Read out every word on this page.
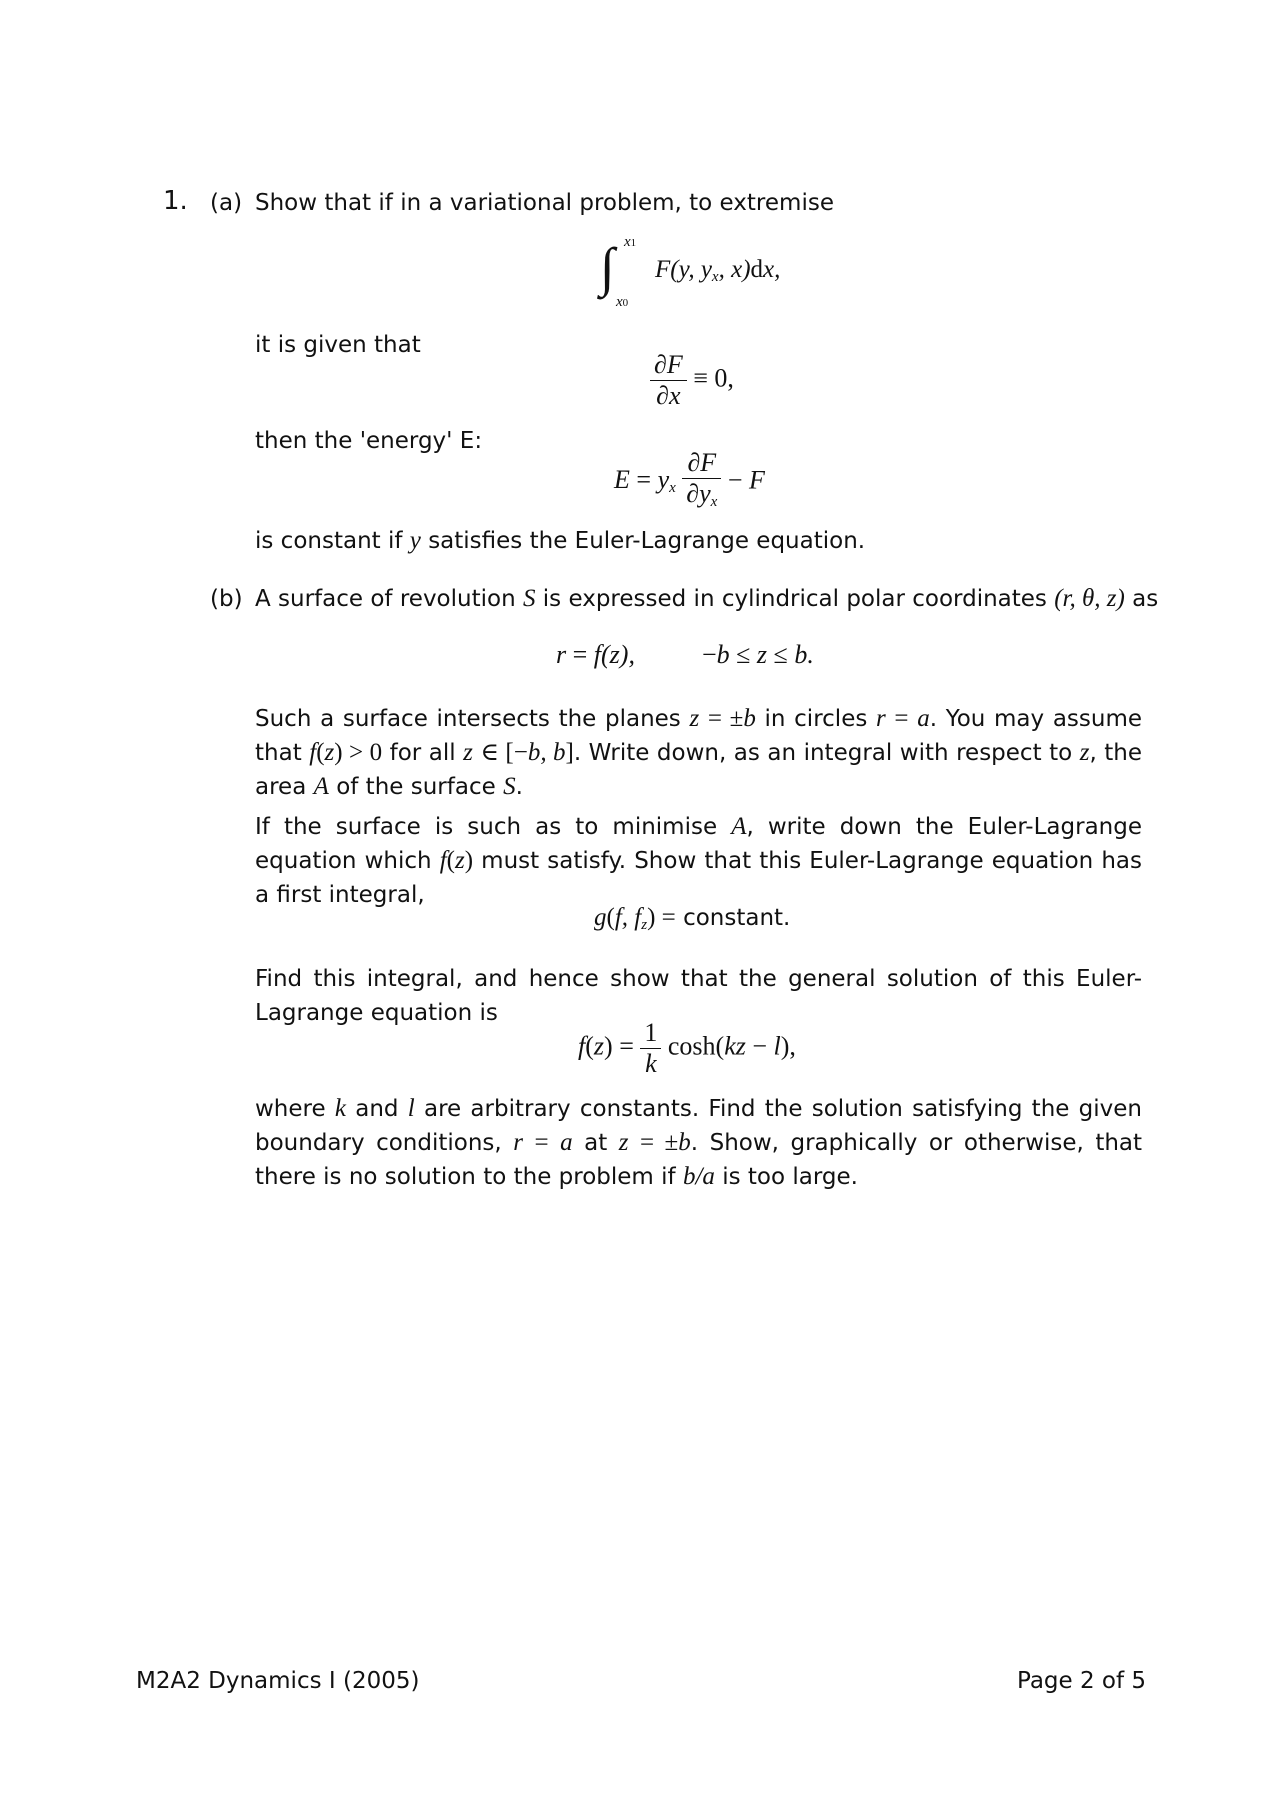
1. (a) Show that if in a variational problem, to extremise
∫ x1
x0
F(y, $y_x$, x)dx,
it is given that
$\frac{\partial F}{\partial x} \equiv 0$,
then the 'energy' E:
$E = y_x \frac{\partial F}{\partial y_x} - F$
is constant if y satisfies the Euler-Lagrange equation.
(b) A surface of revolution S is expressed in cylindrical polar coordinates (r, θ, z) as
r = f(z),	−b ≤ z ≤ b.
Such a surface intersects the planes z = ±b in circles r = a. You may assume that f(z) > 0 for all z ∈ [−b, b]. Write down, as an integral with respect to z, the area A of the surface S.
If the surface is such as to minimise A, write down the Euler-Lagrange equation which f(z) must satisfy. Show that this Euler-Lagrange equation has a first integral,
g(f, $f_z$) = constant.
Find this integral, and hence show that the general solution of this Euler-Lagrange equation is
$f(z) = \frac{1}{k} \cosh(kz - l)$,
where k and l are arbitrary constants. Find the solution satisfying the given boundary conditions, r = a at z = ±b. Show, graphically or otherwise, that there is no solution to the problem if b/a is too large.
M2A2 Dynamics I (2005)	Page 2 of 5
